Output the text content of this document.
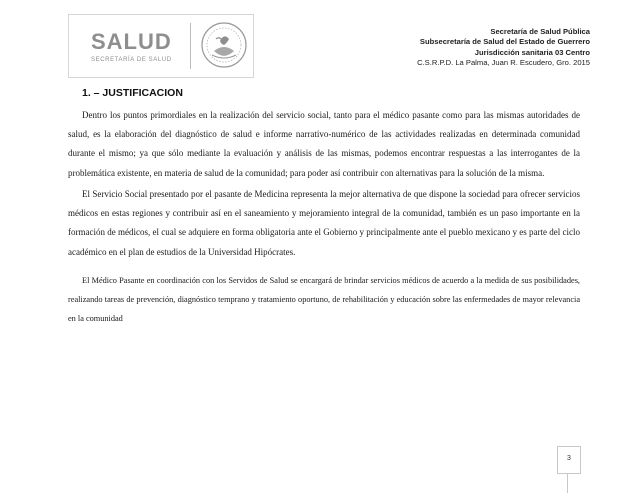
SALUD
SECRETARÍA DE SALUD
Secretaría de Salud Pública
Subsecretaría de Salud del Estado de Guerrero
Jurisdicción sanitaria 03 Centro
C.S.R.P.D. La Palma, Juan R. Escudero, Gro. 2015
1. – JUSTIFICACION

Dentro los puntos primordiales en la realización del servicio social, tanto para el médico pasante como para las mismas autoridades de salud, es la elaboración del diagnóstico de salud e informe narrativo-numérico de las actividades realizadas en determinada comunidad durante el mismo; ya que sólo mediante la evaluación y análisis de las mismas, podemos encontrar respuestas a las interrogantes de la problemática existente, en materia de salud de la comunidad; para poder así contribuir con alternativas para la solución de la misma.

El Servicio Social presentado por el pasante de Medicina representa la mejor alternativa de que dispone la sociedad para ofrecer servicios médicos en estas regiones y contribuir así en el saneamiento y mejoramiento integral de la comunidad, también es un paso importante en la formación de médicos, el cual se adquiere en forma obligatoria ante el Gobierno y principalmente ante el pueblo mexicano y es parte del ciclo académico en el plan de estudios de la Universidad Hipócrates.

El Médico Pasante en coordinación con los Servidos de Salud se encargará de brindar servicios médicos de acuerdo a la medida de sus posibilidades, realizando tareas de prevención, diagnóstico temprano y tratamiento oportuno, de rehabilitación y educación sobre las enfermedades de mayor relevancia en la comunidad

3
